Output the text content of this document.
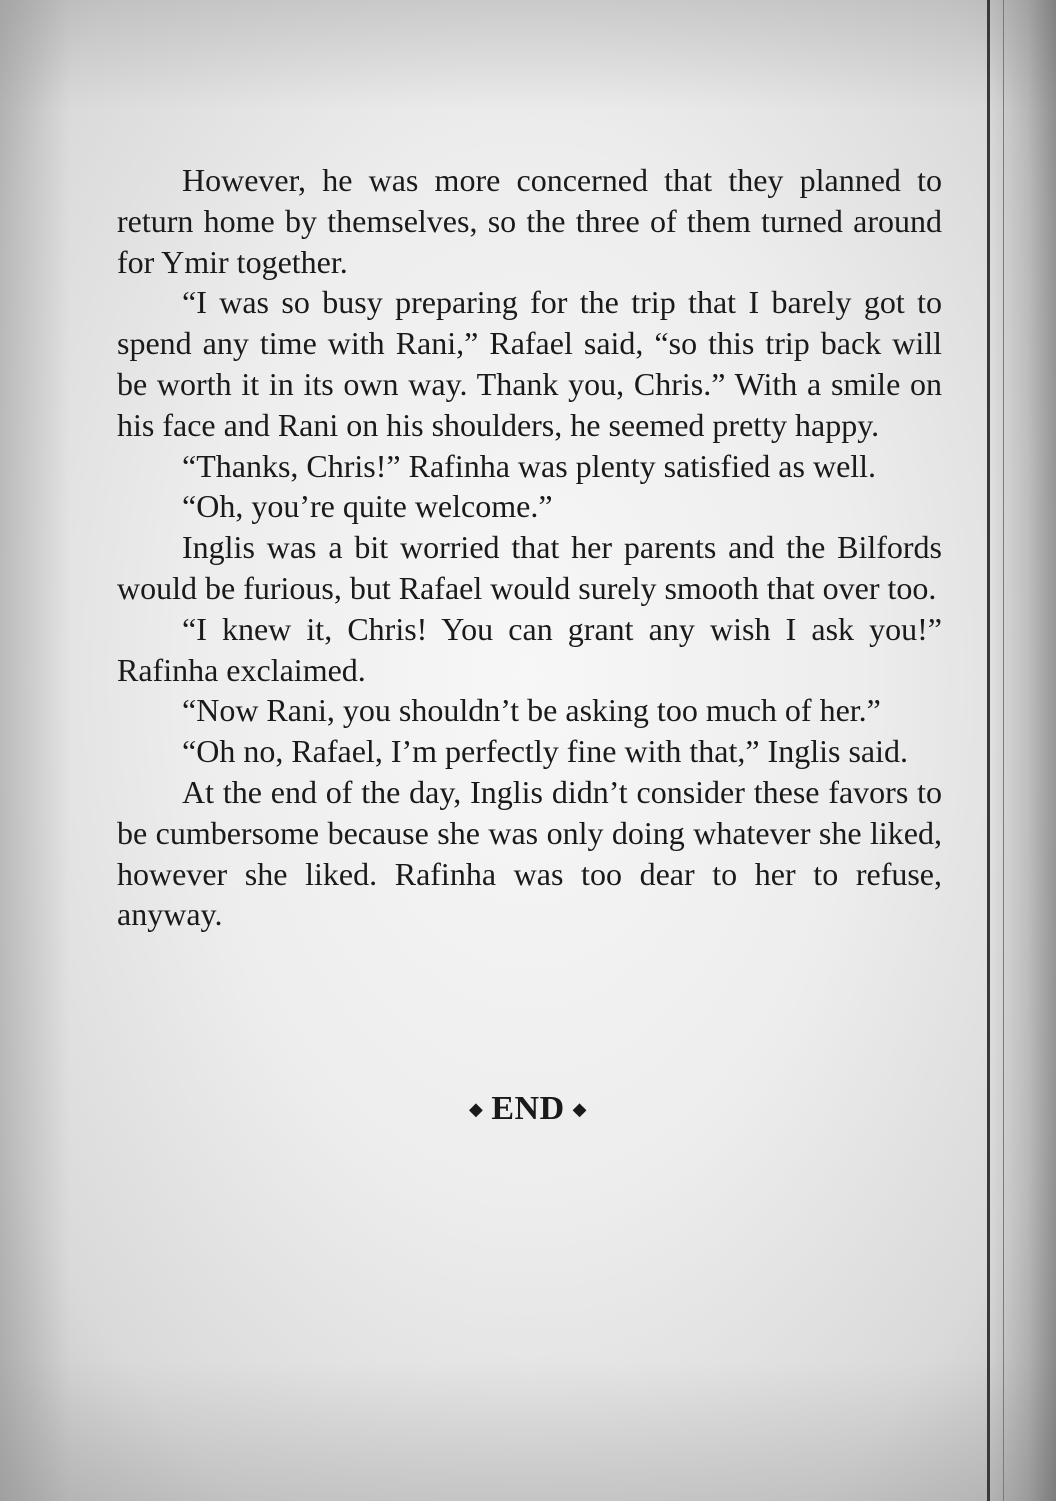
However, he was more concerned that they planned to return home by themselves, so the three of them turned around for Ymir together.

“I was so busy preparing for the trip that I barely got to spend any time with Rani,” Rafael said, “so this trip back will be worth it in its own way. Thank you, Chris.” With a smile on his face and Rani on his shoulders, he seemed pretty happy.

“Thanks, Chris!” Rafinha was plenty satisfied as well.

“Oh, you’re quite welcome.”

Inglis was a bit worried that her parents and the Bilfords would be furious, but Rafael would surely smooth that over too.

“I knew it, Chris! You can grant any wish I ask you!” Rafinha exclaimed.

“Now Rani, you shouldn’t be asking too much of her.”

“Oh no, Rafael, I’m perfectly fine with that,” Inglis said.

At the end of the day, Inglis didn’t consider these favors to be cumbersome because she was only doing whatever she liked, however she liked. Rafinha was too dear to her to refuse, anyway.

◆ END ◆
